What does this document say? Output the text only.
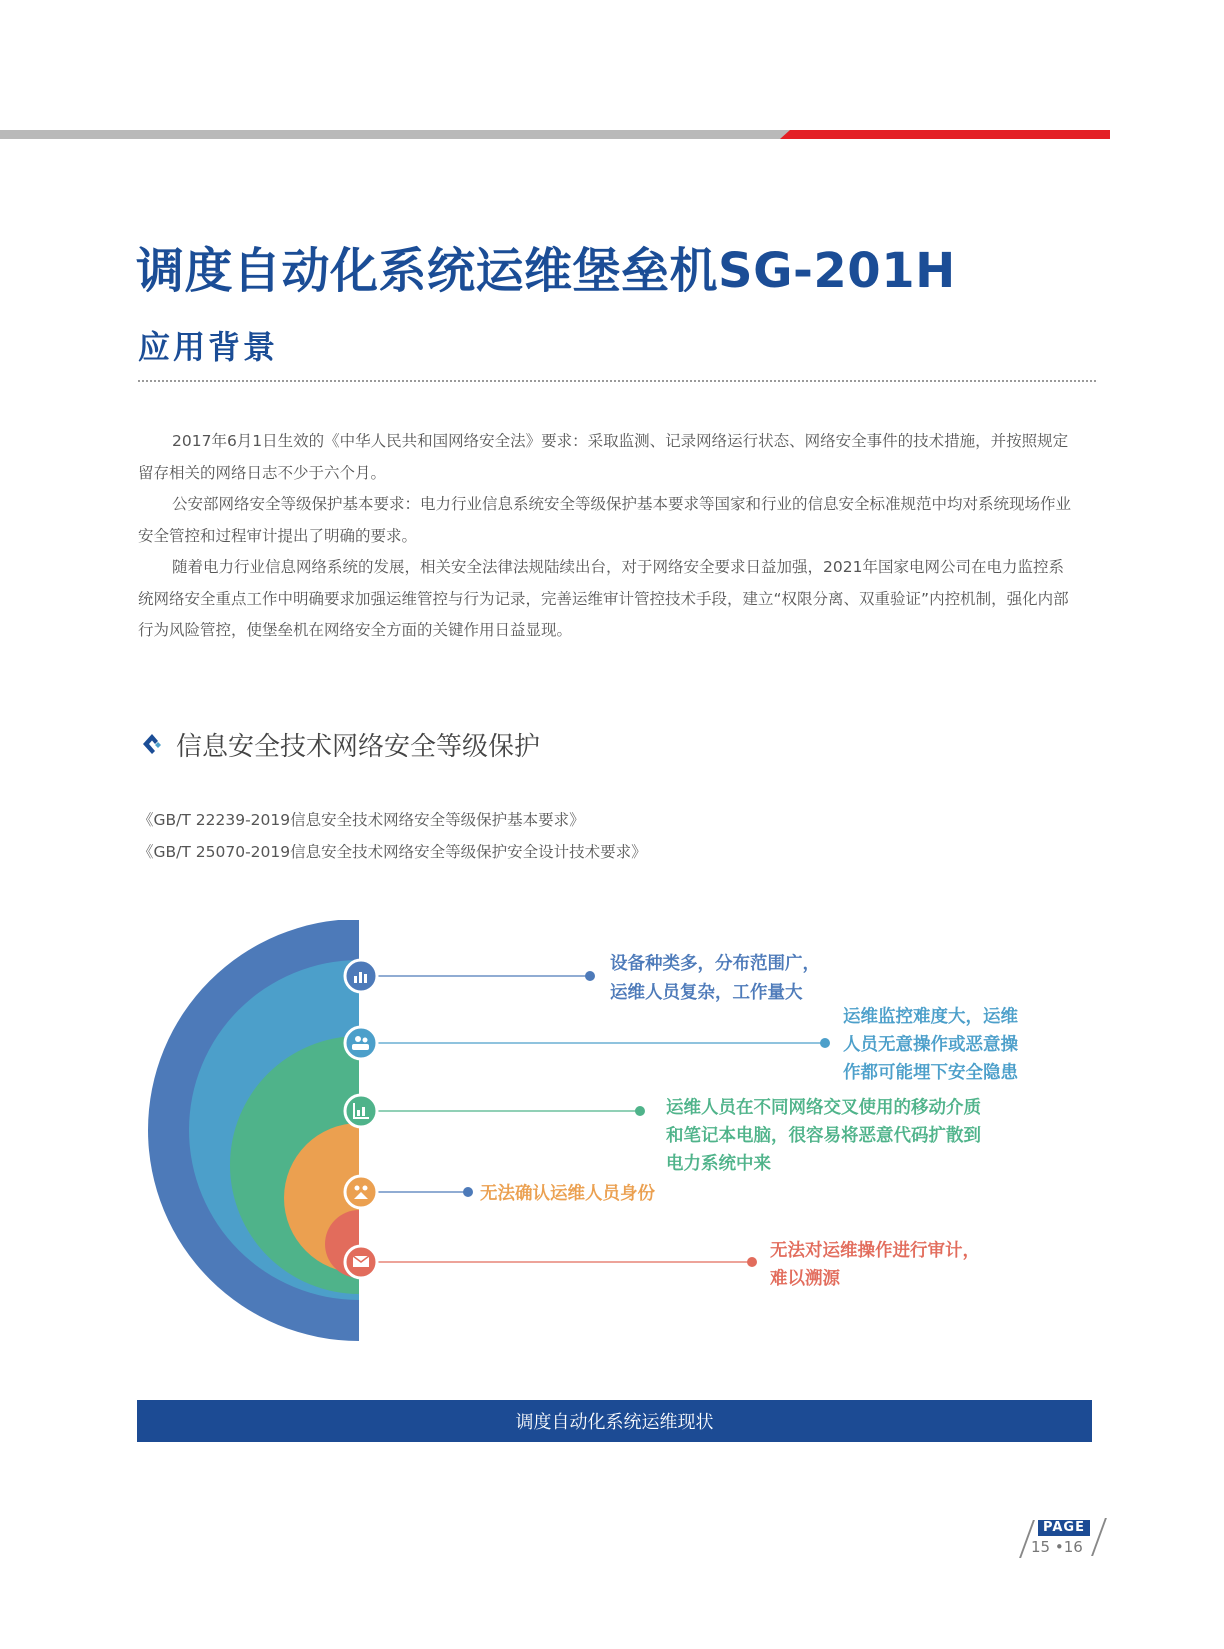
调度自动化系统运维堡垒机SG-201H
应用背景

2017年6月1日生效的《中华人民共和国网络安全法》要求：采取监测、记录网络运行状态、网络安全事件的技术措施，并按照规定留存相关的网络日志不少于六个月。

公安部网络安全等级保护基本要求：电力行业信息系统安全等级保护基本要求等国家和行业的信息安全标准规范中均对系统现场作业安全管控和过程审计提出了明确的要求。

随着电力行业信息网络系统的发展，相关安全法律法规陆续出台，对于网络安全要求日益加强，2021年国家电网公司在电力监控系统网络安全重点工作中明确要求加强运维管控与行为记录，完善运维审计管控技术手段，建立“权限分离、双重验证”内控机制，强化内部行为风险管控，使堡垒机在网络安全方面的关键作用日益显现。

信息安全技术网络安全等级保护
《GB/T 22239-2019信息安全技术网络安全等级保护基本要求》
《GB/T 25070-2019信息安全技术网络安全等级保护安全设计技术要求》
设备种类多，分布范围广，
运维人员复杂，工作量大
运维监控难度大，运维
人员无意操作或恶意操
作都可能埋下安全隐患
运维人员在不同网络交叉使用的移动介质
和笔记本电脑，很容易将恶意代码扩散到
电力系统中来
无法确认运维人员身份
无法对运维操作进行审计，
难以溯源
调度自动化系统运维现状
PAGE
15 •16
